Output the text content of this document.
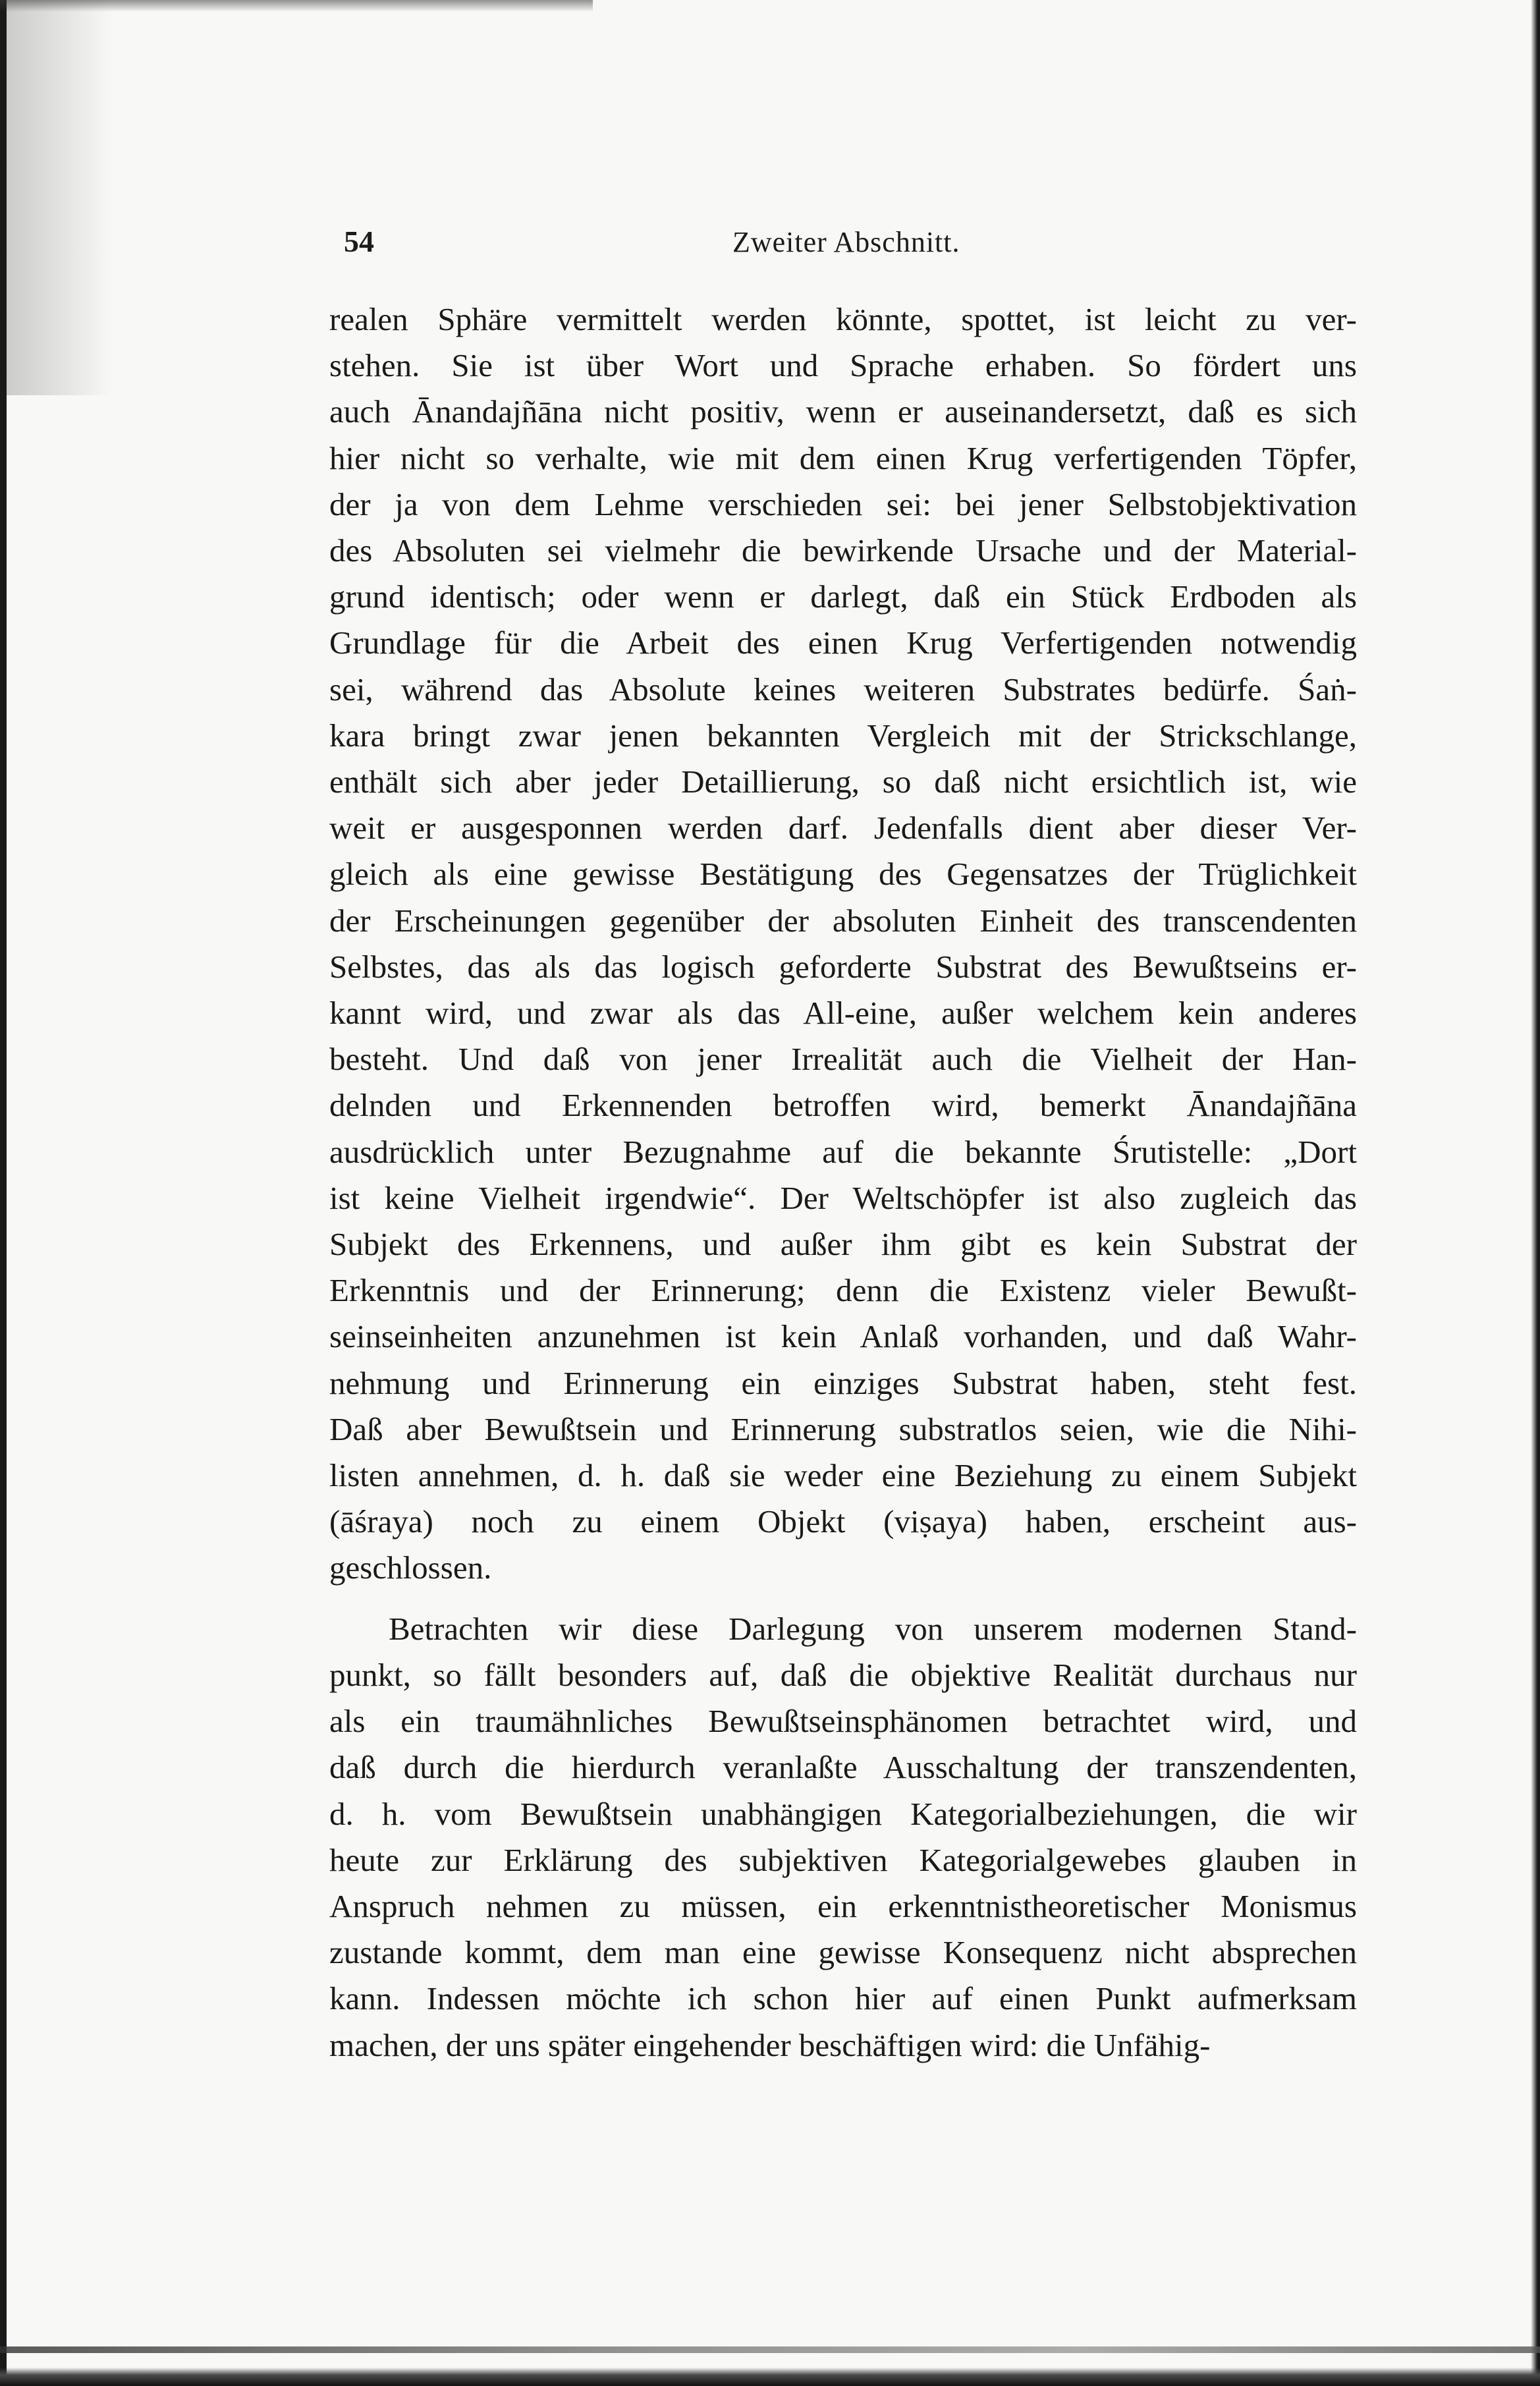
54	Zweiter Abschnitt.

realen Sphäre vermittelt werden könnte, spottet, ist leicht zu ver-
stehen. Sie ist über Wort und Sprache erhaben. So fördert uns
auch Ānandajñāna nicht positiv, wenn er auseinandersetzt, daß es sich
hier nicht so verhalte, wie mit dem einen Krug verfertigenden Töpfer,
der ja von dem Lehme verschieden sei: bei jener Selbstobjektivation
des Absoluten sei vielmehr die bewirkende Ursache und der Material-
grund identisch; oder wenn er darlegt, daß ein Stück Erdboden als
Grundlage für die Arbeit des einen Krug Verfertigenden notwendig
sei, während das Absolute keines weiteren Substrates bedürfe. Śaṅ-
kara bringt zwar jenen bekannten Vergleich mit der Strickschlange,
enthält sich aber jeder Detaillierung, so daß nicht ersichtlich ist, wie
weit er ausgesponnen werden darf. Jedenfalls dient aber dieser Ver-
gleich als eine gewisse Bestätigung des Gegensatzes der Trüglichkeit
der Erscheinungen gegenüber der absoluten Einheit des transcendenten
Selbstes, das als das logisch geforderte Substrat des Bewußtseins er-
kannt wird, und zwar als das All-eine, außer welchem kein anderes
besteht. Und daß von jener Irrealität auch die Vielheit der Han-
delnden und Erkennenden betroffen wird, bemerkt Ānandajñāna
ausdrücklich unter Bezugnahme auf die bekannte Śrutistelle: „Dort
ist keine Vielheit irgendwie“. Der Weltschöpfer ist also zugleich das
Subjekt des Erkennens, und außer ihm gibt es kein Substrat der
Erkenntnis und der Erinnerung; denn die Existenz vieler Bewußt-
seinseinheiten anzunehmen ist kein Anlaß vorhanden, und daß Wahr-
nehmung und Erinnerung ein einziges Substrat haben, steht fest.
Daß aber Bewußtsein und Erinnerung substratlos seien, wie die Nihi-
listen annehmen, d. h. daß sie weder eine Beziehung zu einem Subjekt
(āśraya) noch zu einem Objekt (viṣaya) haben, erscheint aus-
geschlossen.

Betrachten wir diese Darlegung von unserem modernen Stand-
punkt, so fällt besonders auf, daß die objektive Realität durchaus nur
als ein traumähnliches Bewußtseinsphänomen betrachtet wird, und
daß durch die hierdurch veranlaßte Ausschaltung der transzendenten,
d. h. vom Bewußtsein unabhängigen Kategorialbeziehungen, die wir
heute zur Erklärung des subjektiven Kategorialgewebes glauben in
Anspruch nehmen zu müssen, ein erkenntnistheoretischer Monismus
zustande kommt, dem man eine gewisse Konsequenz nicht absprechen
kann. Indessen möchte ich schon hier auf einen Punkt aufmerksam
machen, der uns später eingehender beschäftigen wird: die Unfähig-
